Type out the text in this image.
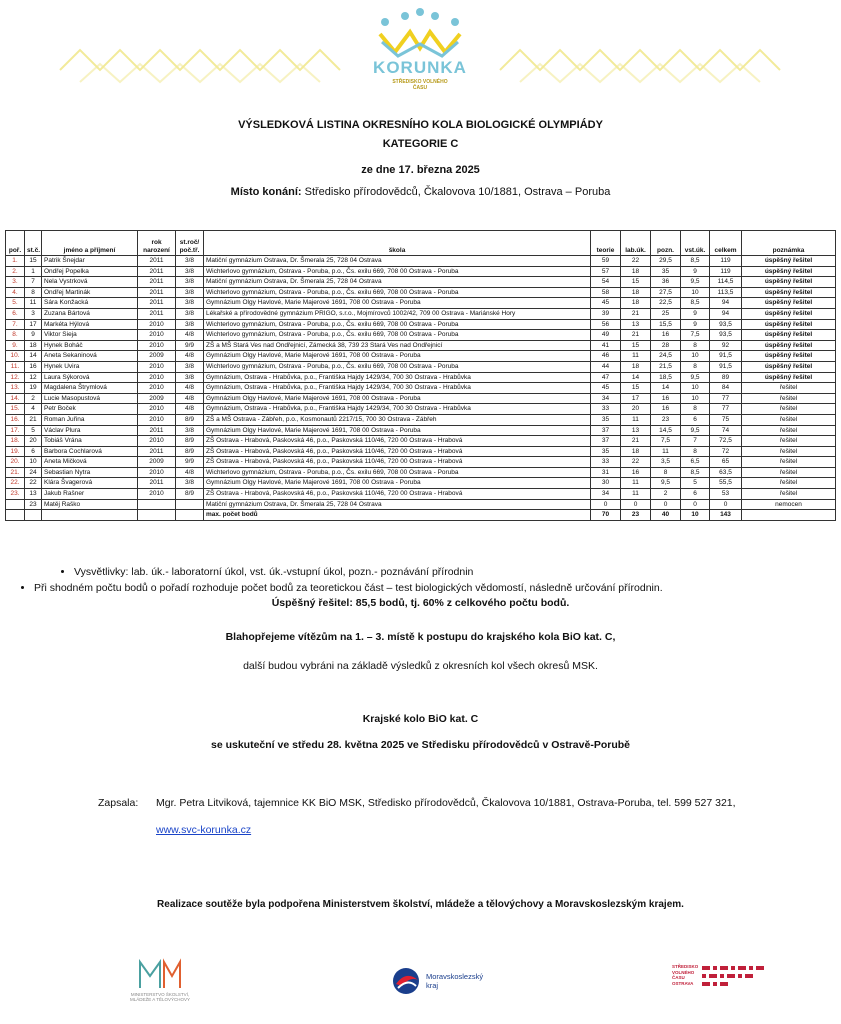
KORUNKA
STŘEDISKO VOLNÉHO
ČASU
VÝSLEDKOVÁ LISTINA OKRESNÍHO KOLA BIOLOGICKÉ OLYMPIÁDY
KATEGORIE C
ze dne 17. března 2025
Místo konání: Středisko přírodovědců, Čkalovova 10/1881, Ostrava – Poruba
poř.	st.č.	jméno a příjmení	rok narození	st.roč/ poč.tř.	škola	teorie	lab.úk.	pozn.	vst.úk.	celkem	poznámka
1.	15	Patrik Šnejdar	2011	3/8	Matiční gymnázium Ostrava, Dr. Šmerala 25, 728 04 Ostrava	59	22	29,5	8,5	119	úspěšný řešitel
2.	1	Ondřej Popelka	2011	3/8	Wichterlovo gymnázium, Ostrava - Poruba, p.o., Čs. exilu 669, 708 00 Ostrava - Poruba	57	18	35	9	119	úspěšný řešitel
3.	7	Nela Vystrková	2011	3/8	Matiční gymnázium Ostrava, Dr. Šmerala 25, 728 04 Ostrava	54	15	36	9,5	114,5	úspěšný řešitel
4.	8	Ondřej Martinák	2011	3/8	Wichterlovo gymnázium, Ostrava - Poruba, p.o., Čs. exilu 669, 708 00 Ostrava - Poruba	58	18	27,5	10	113,5	úspěšný řešitel
5.	11	Sára Konžacká	2011	3/8	Gymnázium Olgy Havlové, Marie Majerové 1691, 708 00 Ostrava - Poruba	45	18	22,5	8,5	94	úspěšný řešitel
6.	3	Zuzana Bártová	2011	3/8	Lékařské a přírodovědné gymnázium PRIGO, s.r.o., Mojmírovců 1002/42, 709 00 Ostrava - Mariánské Hory	39	21	25	9	94	úspěšný řešitel
7.	17	Markéta Hýlová	2010	3/8	Wichterlovo gymnázium, Ostrava - Poruba, p.o., Čs. exilu 669, 708 00 Ostrava - Poruba	56	13	15,5	9	93,5	úspěšný řešitel
8.	9	Viktor Sieja	2010	4/8	Wichterlovo gymnázium, Ostrava - Poruba, p.o., Čs. exilu 669, 708 00 Ostrava - Poruba	49	21	16	7,5	93,5	úspěšný řešitel
9.	18	Hynek Boháč	2010	9/9	ZŠ a MŠ Stará Ves nad Ondřejnicí, Zámecká 38, 739 23 Stará Ves nad Ondřejnicí	41	15	28	8	92	úspěšný řešitel
10.	14	Aneta Sekaninová	2009	4/8	Gymnázium Olgy Havlové, Marie Majerové 1691, 708 00 Ostrava - Poruba	46	11	24,5	10	91,5	úspěšný řešitel
11.	16	Hynek Uvira	2010	3/8	Wichterlovo gymnázium, Ostrava - Poruba, p.o., Čs. exilu 669, 708 00 Ostrava - Poruba	44	18	21,5	8	91,5	úspěšný řešitel
12.	12	Laura Sýkorová	2010	3/8	Gymnázium, Ostrava - Hrabůvka, p.o., Františka Hajdy 1429/34, 700 30 Ostrava - Hrabůvka	47	14	18,5	9,5	89	úspěšný řešitel
13.	19	Magdalena Štrymlová	2010	4/8	Gymnázium, Ostrava - Hrabůvka, p.o., Františka Hajdy 1429/34, 700 30 Ostrava - Hrabůvka	45	15	14	10	84	řešitel
14.	2	Lucie Masopustová	2009	4/8	Gymnázium Olgy Havlové, Marie Majerové 1691, 708 00 Ostrava - Poruba	34	17	16	10	77	řešitel
15.	4	Petr Boček	2010	4/8	Gymnázium, Ostrava - Hrabůvka, p.o., Františka Hajdy 1429/34, 700 30 Ostrava - Hrabůvka	33	20	16	8	77	řešitel
16.	21	Roman Juřina	2010	8/9	ZŠ a MŠ Ostrava - Zábřeh, p.o., Kosmonautů 2217/15, 700 30 Ostrava - Zábřeh	35	11	23	6	75	řešitel
17.	5	Václav Plura	2011	3/8	Gymnázium Olgy Havlové, Marie Majerové 1691, 708 00 Ostrava - Poruba	37	13	14,5	9,5	74	řešitel
18.	20	Tobiáš Vrána	2010	8/9	ZŠ Ostrava - Hrabová, Paskovská 46, p.o., Paskovská 110/46, 720 00 Ostrava - Hrabová	37	21	7,5	7	72,5	řešitel
19.	6	Barbora Cochlarová	2011	8/9	ZŠ Ostrava - Hrabová, Paskovská 46, p.o., Paskovská 110/46, 720 00 Ostrava - Hrabová	35	18	11	8	72	řešitel
20.	10	Aneta Mičková	2009	9/9	ZŠ Ostrava - Hrabová, Paskovská 46, p.o., Paskovská 110/46, 720 00 Ostrava - Hrabová	33	22	3,5	6,5	65	řešitel
21.	24	Sebastian Nytra	2010	4/8	Wichterlovo gymnázium, Ostrava - Poruba, p.o., Čs. exilu 669, 708 00 Ostrava - Poruba	31	16	8	8,5	63,5	řešitel
22.	22	Klára Švagerová	2011	3/8	Gymnázium Olgy Havlové, Marie Majerové 1691, 708 00 Ostrava - Poruba	30	11	9,5	5	55,5	řešitel
23.	13	Jakub Rašner	2010	8/9	ZŠ Ostrava - Hrabová, Paskovská 46, p.o., Paskovská 110/46, 720 00 Ostrava - Hrabová	34	11	2	6	53	řešitel
	23	Matěj Raško			Matiční gymnázium Ostrava, Dr. Šmerala 25, 728 04 Ostrava	0	0	0	0	0	nemocen
					max. počet bodů	70	23	40	10	143	
• Vysvětlivky: lab. úk.- laboratorní úkol, vst. úk.-vstupní úkol, pozn.- poznávání přírodnin
• Při shodném počtu bodů o pořadí rozhoduje počet bodů za teoretickou část – test biologických vědomostí, následně určování přírodnin.
Úspěšný řešitel: 85,5 bodů, tj. 60% z celkového počtu bodů.
Blahopřejeme vítězům na 1. – 3. místě k postupu do krajského kola BiO kat. C,
další budou vybráni na základě výsledků z okresních kol všech okresů MSK.
Krajské kolo BiO kat. C
se uskuteční ve středu 28. května 2025 ve Středisku přírodovědců v Ostravě-Porubě
Zapsala: Mgr. Petra Litviková, tajemnice KK BiO MSK, Středisko přírodovědců, Čkalovova 10/1881, Ostrava-Poruba, tel. 599 527 321,
www.svc-korunka.cz
Realizace soutěže byla podpořena Ministerstvem školství, mládeže a tělovýchovy a Moravskoslezským krajem.
MINISTERSTVO ŠKOLSTVÍ,
MLÁDEŽE A TĚLOVÝCHOVY
Moravskoslezský
kraj
STŘEDISKO
VOLNÉHO
ČASU
OSTRAVA
